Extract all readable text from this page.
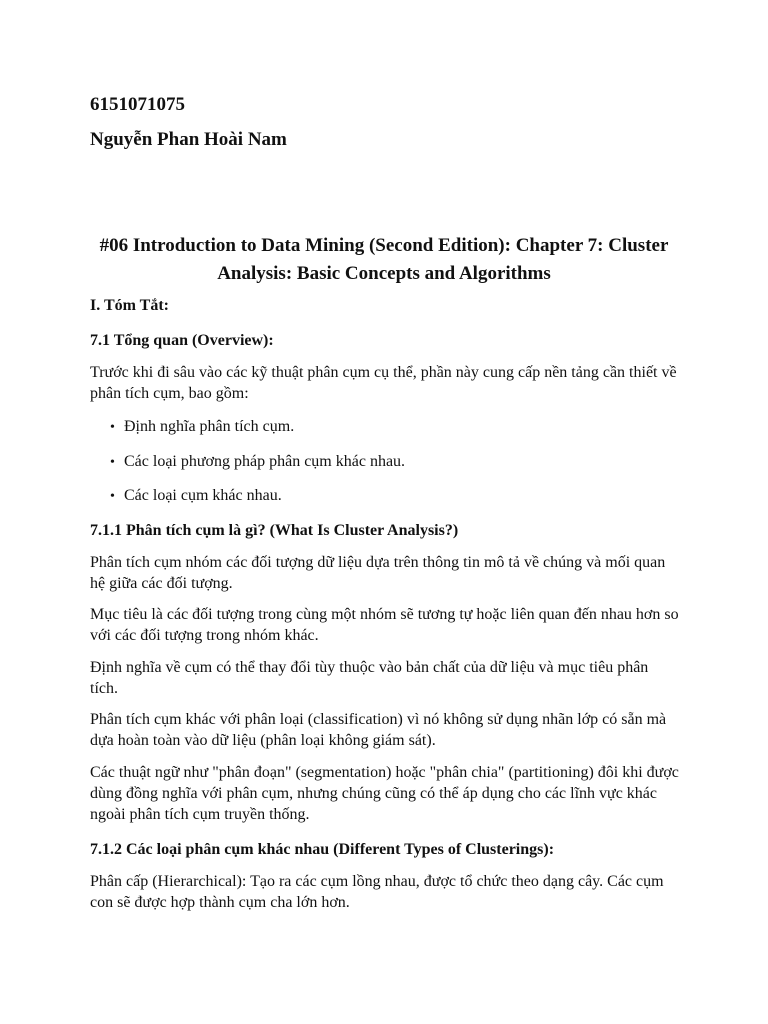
6151071075

Nguyễn Phan Hoài Nam

#06 Introduction to Data Mining (Second Edition): Chapter 7: Cluster Analysis: Basic Concepts and Algorithms

I. Tóm Tắt:

7.1 Tổng quan (Overview):

Trước khi đi sâu vào các kỹ thuật phân cụm cụ thể, phần này cung cấp nền tảng cần thiết về phân tích cụm, bao gồm:

• Định nghĩa phân tích cụm.
• Các loại phương pháp phân cụm khác nhau.
• Các loại cụm khác nhau.

7.1.1 Phân tích cụm là gì? (What Is Cluster Analysis?)

Phân tích cụm nhóm các đối tượng dữ liệu dựa trên thông tin mô tả về chúng và mối quan hệ giữa các đối tượng.

Mục tiêu là các đối tượng trong cùng một nhóm sẽ tương tự hoặc liên quan đến nhau hơn so với các đối tượng trong nhóm khác.

Định nghĩa về cụm có thể thay đổi tùy thuộc vào bản chất của dữ liệu và mục tiêu phân tích.

Phân tích cụm khác với phân loại (classification) vì nó không sử dụng nhãn lớp có sẵn mà dựa hoàn toàn vào dữ liệu (phân loại không giám sát).

Các thuật ngữ như "phân đoạn" (segmentation) hoặc "phân chia" (partitioning) đôi khi được dùng đồng nghĩa với phân cụm, nhưng chúng cũng có thể áp dụng cho các lĩnh vực khác ngoài phân tích cụm truyền thống.

7.1.2 Các loại phân cụm khác nhau (Different Types of Clusterings):

Phân cấp (Hierarchical): Tạo ra các cụm lồng nhau, được tổ chức theo dạng cây. Các cụm con sẽ được hợp thành cụm cha lớn hơn.
